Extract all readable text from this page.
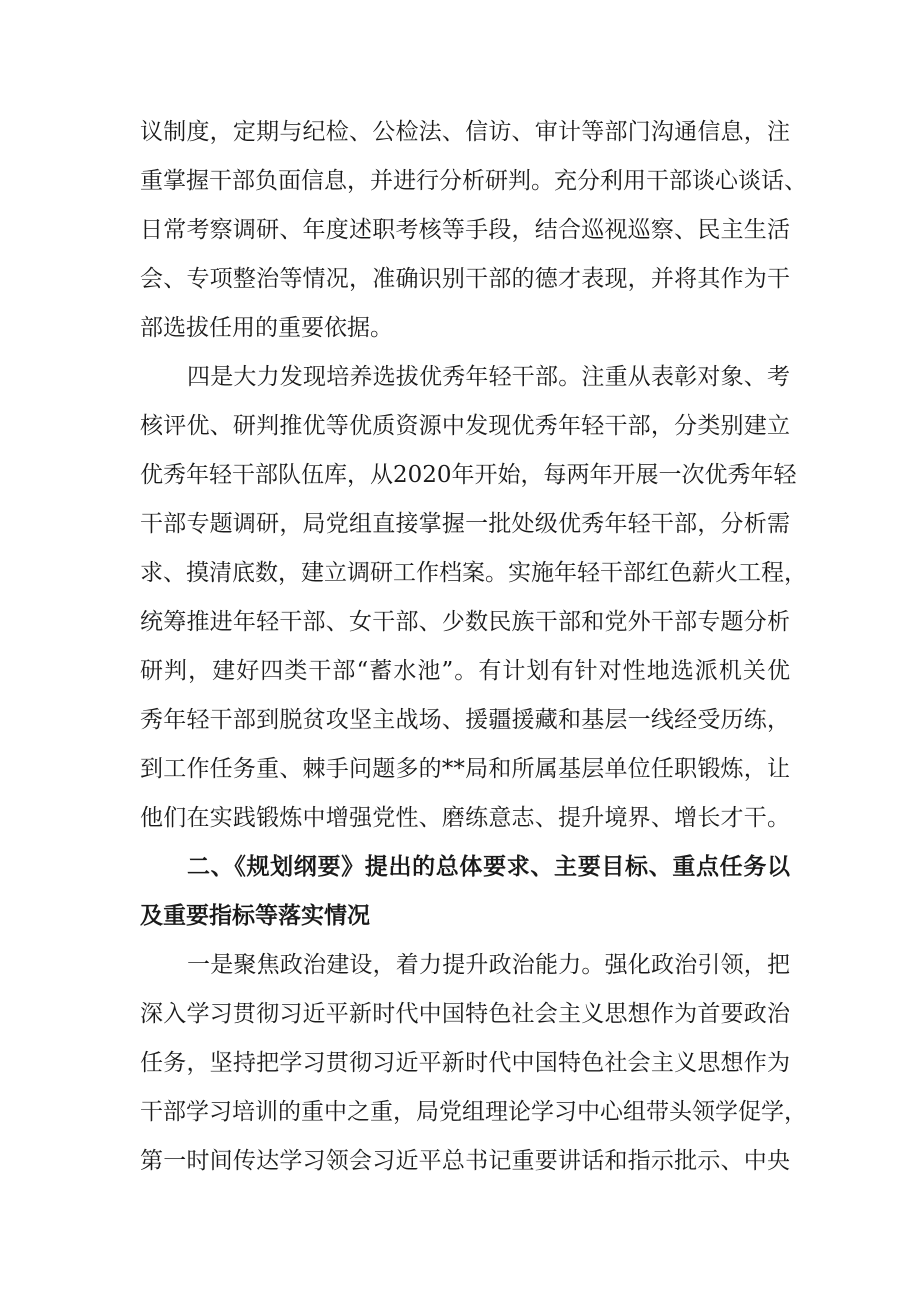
议制度，定期与纪检、公检法、信访、审计等部门沟通信息，注
重掌握干部负面信息，并进行分析研判。充分利用干部谈心谈话、
日常考察调研、年度述职考核等手段，结合巡视巡察、民主生活
会、专项整治等情况，准确识别干部的德才表现，并将其作为干
部选拔任用的重要依据。
四是大力发现培养选拔优秀年轻干部。注重从表彰对象、考
核评优、研判推优等优质资源中发现优秀年轻干部，分类别建立
优秀年轻干部队伍库，从2020年开始，每两年开展一次优秀年轻
干部专题调研，局党组直接掌握一批处级优秀年轻干部，分析需
求、摸清底数，建立调研工作档案。实施年轻干部红色薪火工程，
统筹推进年轻干部、女干部、少数民族干部和党外干部专题分析
研判，建好四类干部“蓄水池”。有计划有针对性地选派机关优
秀年轻干部到脱贫攻坚主战场、援疆援藏和基层一线经受历练，
到工作任务重、棘手问题多的**局和所属基层单位任职锻炼，让
他们在实践锻炼中增强党性、磨练意志、提升境界、增长才干。
二、《规划纲要》提出的总体要求、主要目标、重点任务以
及重要指标等落实情况
一是聚焦政治建设，着力提升政治能力。强化政治引领，把
深入学习贯彻习近平新时代中国特色社会主义思想作为首要政治
任务，坚持把学习贯彻习近平新时代中国特色社会主义思想作为
干部学习培训的重中之重，局党组理论学习中心组带头领学促学，
第一时间传达学习领会习近平总书记重要讲话和指示批示、中央
